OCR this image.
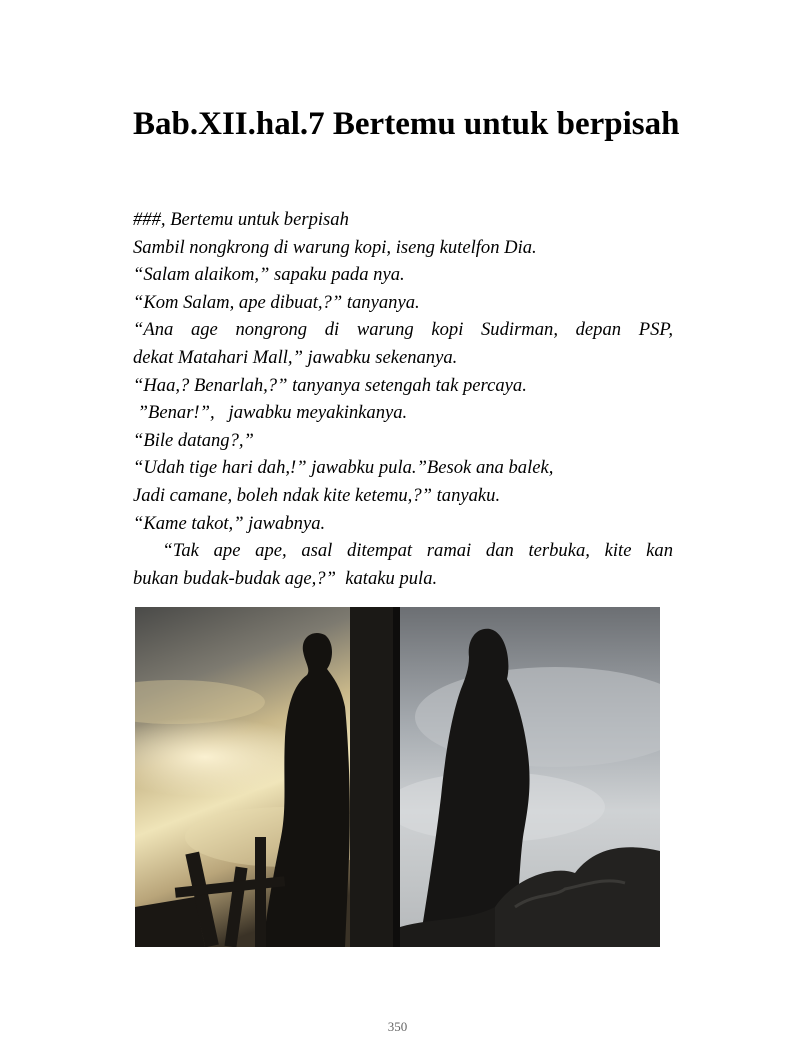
Bab.XII.hal.7 Bertemu untuk berpisah
###, Bertemu untuk berpisah
Sambil nongkrong di warung kopi, iseng kutelfon Dia.
“Salam alaikom,” sapaku pada nya.
“Kom Salam, ape dibuat,?” tanyanya.
“Ana age nongrong di warung kopi Sudirman, depan PSP,
dekat Matahari Mall,” jawabku sekenanya.
“Haa,? Benarlah,?” tanyanya setengah tak percaya.
”Benar!”,   jawabku meyakinkanya.
“Bile datang?,”
“Udah tige hari dah,!” jawabku pula.”Besok ana balek,
Jadi camane, boleh ndak kite ketemu,?” tanyaku.
“Kame takot,” jawabnya.
“Tak ape ape, asal ditempat ramai dan terbuka, kite kan
bukan budak-budak age,?”  kataku pula.
350
